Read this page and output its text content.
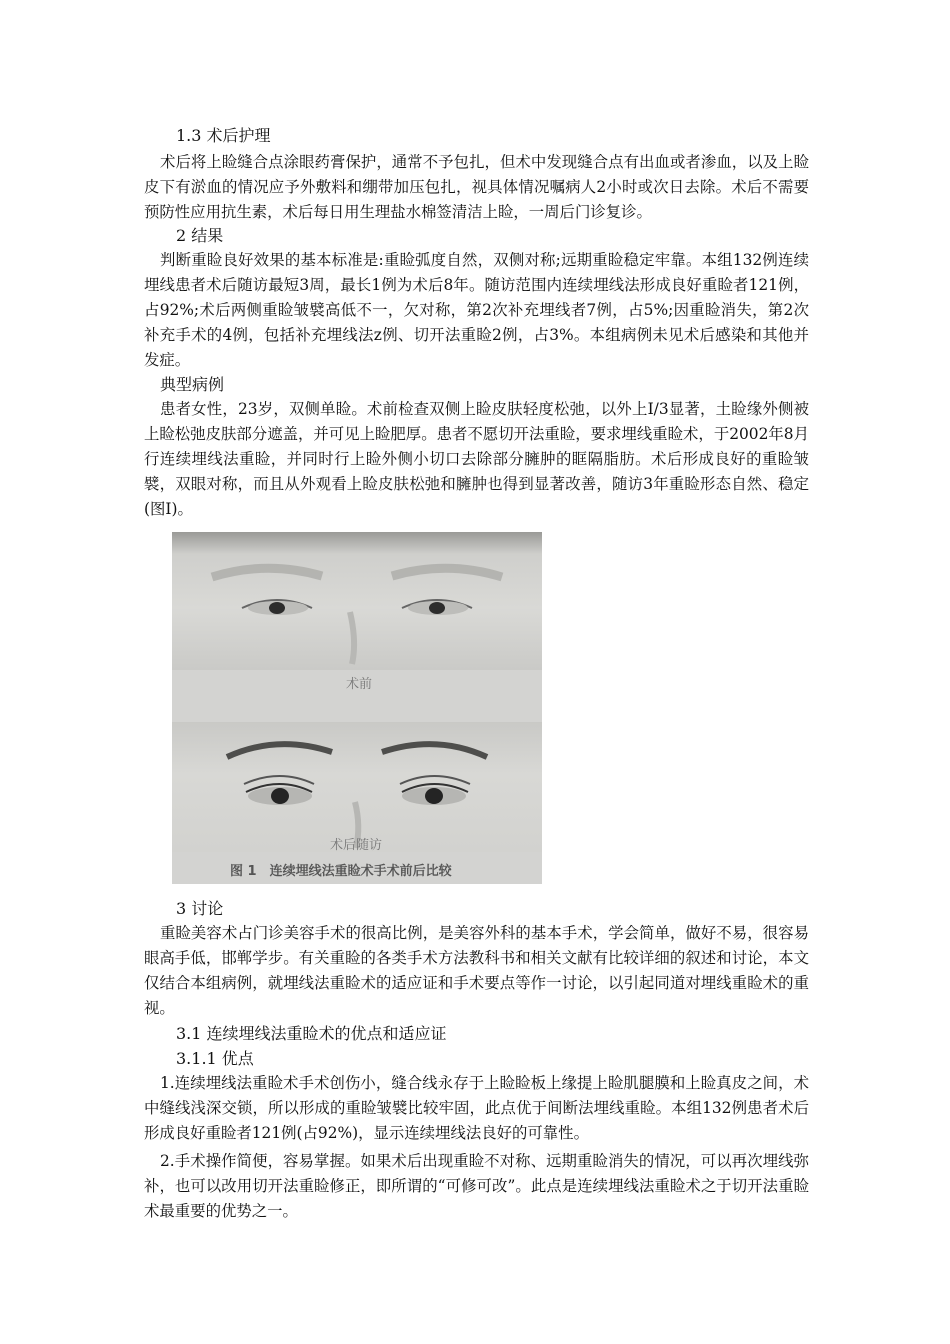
1.3 术后护理

术后将上睑缝合点涂眼药膏保护，通常不予包扎，但术中发现缝合点有出血或者渗血，以及上睑皮下有淤血的情况应予外敷料和绷带加压包扎，视具体情况嘱病人2小时或次日去除。术后不需要预防性应用抗生素，术后每日用生理盐水棉签清洁上睑，一周后门诊复诊。

2 结果

判断重睑良好效果的基本标准是:重睑弧度自然，双侧对称;远期重睑稳定牢靠。本组132例连续埋线患者术后随访最短3周，最长1例为术后8年。随访范围内连续埋线法形成良好重睑者121例，占92%;术后两侧重睑皱襞高低不一，欠对称，第2次补充埋线者7例，占5%;因重睑消失，第2次补充手术的4例，包括补充埋线法z例、切开法重睑2例，占3%。本组病例未见术后感染和其他并发症。

典型病例

患者女性，23岁，双侧单睑。术前检查双侧上睑皮肤轻度松弛，以外上I/3显著，土睑缘外侧被上睑松弛皮肤部分遮盖，并可见上睑肥厚。患者不愿切开法重睑，要求埋线重睑术，于2002年8月行连续埋线法重睑，并同时行上睑外侧小切口去除部分臃肿的眶隔脂肪。术后形成良好的重睑皱襞，双眼对称，而且从外观看上睑皮肤松弛和臃肿也得到显著改善，随访3年重睑形态自然、稳定(图I)。

术前
术后随访
图 1　连续埋线法重睑术手术前后比较

3 讨论

重睑美容术占门诊美容手术的很高比例，是美容外科的基本手术，学会简单，做好不易，很容易眼高手低，邯郸学步。有关重睑的各类手术方法教科书和相关文献有比较详细的叙述和讨论，本文仅结合本组病例，就埋线法重睑术的适应证和手术要点等作一讨论，以引起同道对埋线重睑术的重视。

3.1 连续埋线法重睑术的优点和适应证

3.1.1 优点

1.连续埋线法重睑术手术创伤小，缝合线永存于上睑睑板上缘提上睑肌腿膜和上睑真皮之间，术中缝线浅深交锁，所以形成的重睑皱襞比较牢固，此点优于间断法埋线重睑。本组132例患者术后形成良好重睑者121例(占92%)，显示连续埋线法良好的可靠性。

2.手术操作简便，容易掌握。如果术后出现重睑不对称、远期重睑消失的情况，可以再次埋线弥补，也可以改用切开法重睑修正，即所谓的“可修可改”。此点是连续埋线法重睑术之于切开法重睑术最重要的优势之一。
